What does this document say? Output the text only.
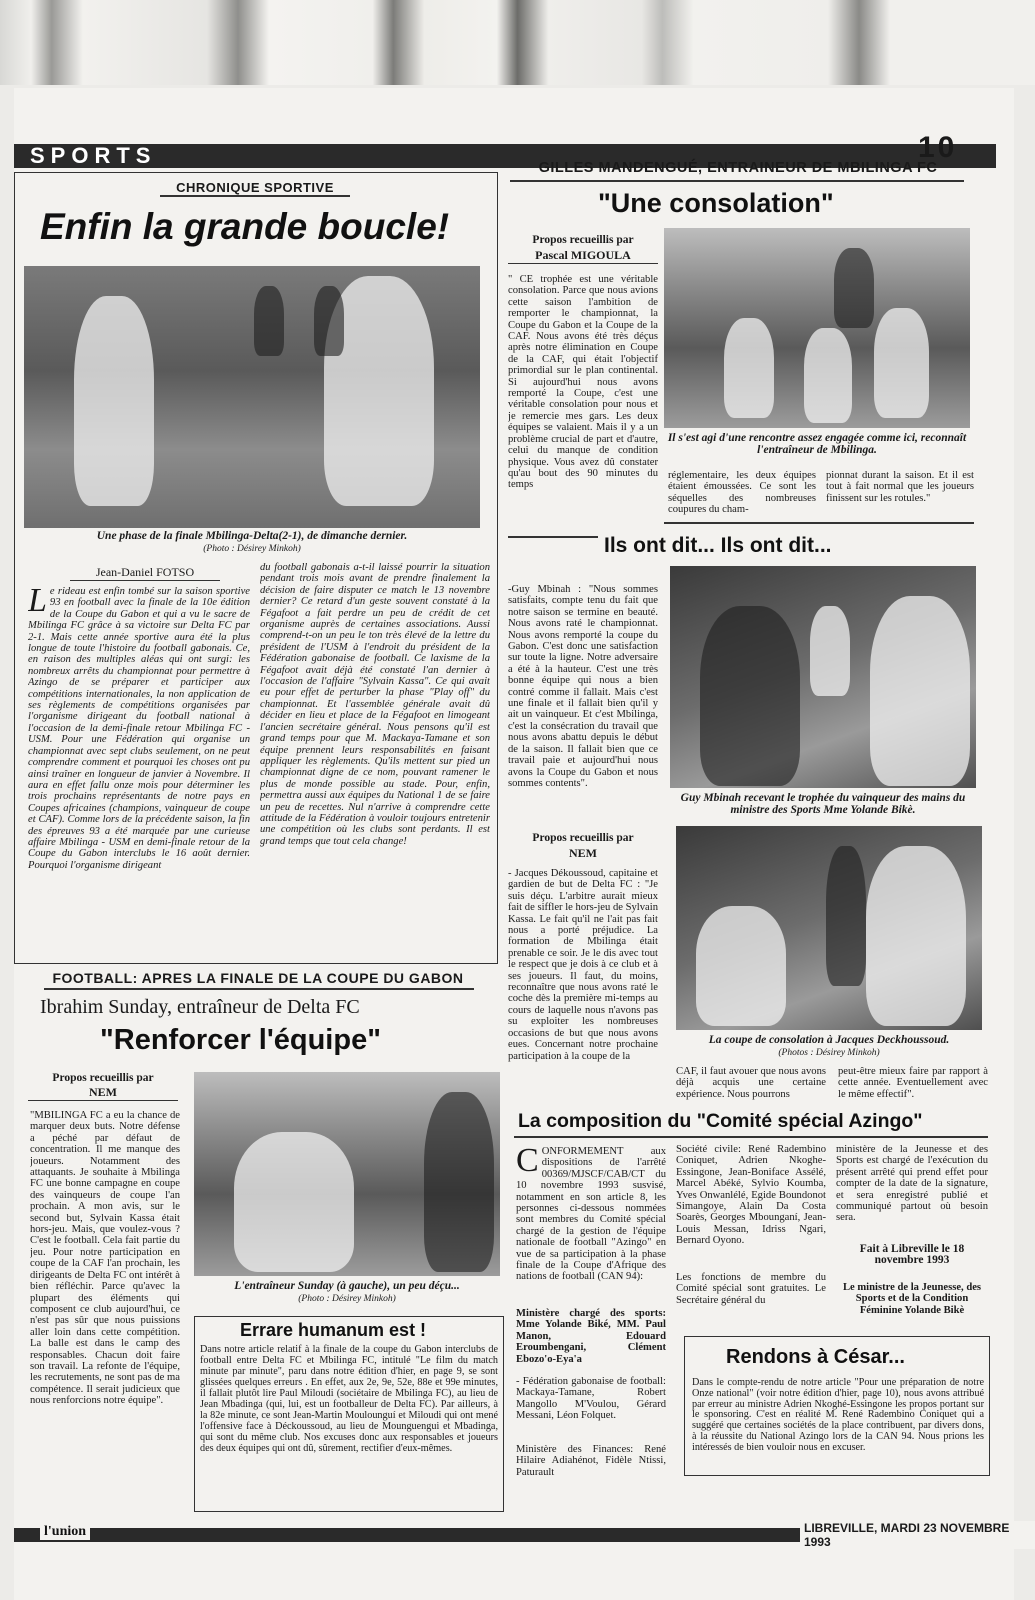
SPORTS	10
CHRONIQUE SPORTIVE
Enfin la grande boucle!
Une phase de la finale Mbilinga-Delta(2-1), de dimanche dernier.
(Photo : Désirey Minkoh)
Jean-Daniel FOTSO
Le rideau est enfin tombé sur la saison sportive 93 en football avec la finale de la 10e édition de la Coupe du Gabon et qui a vu le sacre de Mbilinga FC grâce à sa victoire sur Delta FC par 2-1. Mais cette année sportive aura été la plus longue de toute l'histoire du football gabonais. Ce, en raison des multiples aléas qui ont surgi: les nombreux arrêts du championnat pour permettre à Azingo de se préparer et participer aux compétitions internationales, la non application de ses règlements de compétitions organisées par l'organisme dirigeant du football national à l'occasion de la demi-finale retour Mbilinga FC - USM. Pour une Fédération qui organise un championnat avec sept clubs seulement, on ne peut comprendre comment et pourquoi les choses ont pu ainsi traîner en longueur de janvier à Novembre. Il aura en effet fallu onze mois pour déterminer les trois prochains représentants de notre pays en Coupes africaines (champions, vainqueur de coupe et CAF). Comme lors de la précédente saison, la fin des épreuves 93 a été marquée par une curieuse affaire Mbilinga - USM en demi-finale retour de la Coupe du Gabon interclubs le 16 août dernier. Pourquoi l'organisme dirigeant
du football gabonais a-t-il laissé pourrir la situation pendant trois mois avant de prendre finalement la décision de faire disputer ce match le 13 novembre dernier? Ce retard d'un geste souvent constaté à la Fégafoot a fait perdre un peu de crédit de cet organisme auprès de certaines associations. Aussi comprend-t-on un peu le ton très élevé de la lettre du président de l'USM à l'endroit du président de la Fédération gabonaise de football. Ce laxisme de la Fégafoot avait déjà été constaté l'an dernier à l'occasion de l'affaire "Sylvain Kassa". Ce qui avait eu pour effet de perturber la phase "Play off" du championnat. Et l'assemblée générale avait dû décider en lieu et place de la Fégafoot en limogeant l'ancien secrétaire général. Nous pensons qu'il est grand temps pour que M. Mackaya-Tamane et son équipe prennent leurs responsabilités en faisant appliquer les règlements. Qu'ils mettent sur pied un championnat digne de ce nom, pouvant ramener le plus de monde possible au stade. Pour, enfin, permettra aussi aux équipes du National 1 de se faire un peu de recettes. Nul n'arrive à comprendre cette attitude de la Fédération à vouloir toujours entretenir une compétition où les clubs sont perdants. Il est grand temps que tout cela change!
GILLES MANDENGUÉ, ENTRAINEUR DE MBILINGA FC
"Une consolation"
Propos recueillis par
Pascal MIGOULA
" CE trophée est une véritable consolation. Parce que nous avions cette saison l'ambition de remporter le championnat, la Coupe du Gabon et la Coupe de la CAF. Nous avons été très déçus après notre élimination en Coupe de la CAF, qui était l'objectif primordial sur le plan continental. Si aujourd'hui nous avons remporté la Coupe, c'est une véritable consolation pour nous et je remercie mes gars. Les deux équipes se valaient. Mais il y a un problème crucial de part et d'autre, celui du manque de condition physique. Vous avez dû constater qu'au bout des 90 minutes du temps
Il s'est agi d'une rencontre assez engagée comme ici, reconnaît l'entraîneur de Mbilinga.
réglementaire, les deux équipes étaient émoussées. Ce sont les séquelles des nombreuses coupures du cham-
pionnat durant la saison. Et il est tout à fait normal que les joueurs finissent sur les rotules."
Ils ont dit... Ils ont dit...
-Guy Mbinah : "Nous sommes satisfaits, compte tenu du fait que notre saison se termine en beauté. Nous avons raté le championnat. Nous avons remporté la coupe du Gabon. C'est donc une satisfaction sur toute la ligne. Notre adversaire a été à la hauteur. C'est une très bonne équipe qui nous a bien contré comme il fallait. Mais c'est une finale et il fallait bien qu'il y ait un vainqueur. Et c'est Mbilinga, c'est la consécration du travail que nous avons abattu depuis le début de la saison. Il fallait bien que ce travail paie et aujourd'hui nous avons la Coupe du Gabon et nous sommes contents".
Guy Mbinah recevant le trophée du vainqueur des mains du ministre des Sports Mme Yolande Bikè.
Propos recueillis par
NEM
- Jacques Dékoussoud, capitaine et gardien de but de Delta FC : "Je suis déçu. L'arbitre aurait mieux fait de siffler le hors-jeu de Sylvain Kassa. Le fait qu'il ne l'ait pas fait nous a porté préjudice. La formation de Mbilinga était prenable ce soir. Je le dis avec tout le respect que je dois à ce club et à ses joueurs. Il faut, du moins, reconnaître que nous avons raté le coche dès la première mi-temps au cours de laquelle nous n'avons pas su exploiter les nombreuses occasions de but que nous avons eues. Concernant notre prochaine participation à la coupe de la
La coupe de consolation à Jacques Deckhoussoud.
(Photos : Désirey Minkoh)
CAF, il faut avouer que nous avons déjà acquis une certaine expérience. Nous pourrons
peut-être mieux faire par rapport à cette année. Eventuellement avec le même effectif".
FOOTBALL: APRES LA FINALE DE LA COUPE DU GABON
Ibrahim Sunday, entraîneur de Delta FC
"Renforcer l'équipe"
Propos recueillis par
NEM
"MBILINGA FC a eu la chance de marquer deux buts. Notre défense a péché par défaut de concentration. Il me manque des joueurs. Notamment des attaquants. Je souhaite à Mbilinga FC une bonne campagne en coupe des vainqueurs de coupe l'an prochain. A mon avis, sur le second but, Sylvain Kassa était hors-jeu. Mais, que voulez-vous ? C'est le football. Cela fait partie du jeu. Pour notre participation en coupe de la CAF l'an prochain, les dirigeants de Delta FC ont intérêt à bien réfléchir. Parce qu'avec la plupart des éléments qui composent ce club aujourd'hui, ce n'est pas sûr que nous puissions aller loin dans cette compétition. La balle est dans le camp des responsables. Chacun doit faire son travail. La refonte de l'équipe, les recrutements, ne sont pas de ma compétence. Il serait judicieux que nous renforcions notre équipe".
L'entraîneur Sunday (à gauche), un peu déçu...
(Photo : Désirey Minkoh)
Errare humanum est !
Dans notre article relatif à la finale de la coupe du Gabon interclubs de football entre Delta FC et Mbilinga FC, intitulé "Le film du match minute par minute", paru dans notre édition d'hier, en page 9, se sont glissées quelques erreurs . En effet, aux 2e, 9e, 52e, 88e et 99e minutes, il fallait plutôt lire Paul Miloudi (sociétaire de Mbilinga FC), au lieu de Jean Mbadinga (qui, lui, est un footballeur de Delta FC). Par ailleurs, à la 82e minute, ce sont Jean-Martin Moulounguí et Miloudi qui ont mené l'offensive face à Déckoussoud, au lieu de Mounguengui et Mbadinga, qui sont du même club. Nos excuses donc aux responsables et joueurs des deux équipes qui ont dû, sûrement, rectifier d'eux-mêmes.
La composition du "Comité spécial Azingo"
CONFORMEMENT aux dispositions de l'arrêté 00369/MJSCF/CAB/CT du 10 novembre 1993 susvisé, notamment en son article 8, les personnes ci-dessous nommées sont membres du Comité spécial chargé de la gestion de l'équipe nationale de football "Azingo" en vue de sa participation à la phase finale de la Coupe d'Afrique des nations de football (CAN 94):
Ministère chargé des sports: Mme Yolande Biké, MM. Paul Manon, Edouard Eroumbengani, Clément Ebozo'o-Eya'a
- Fédération gabonaise de football: Mackaya-Tamane, Robert Mangollo M'Voulou, Gérard Messani, Léon Folquet.
Ministère des Finances: René Hilaire Adiahénot, Fidèle Ntissi, Paturault
Société civile: René Radembino Coniquet, Adrien Nkoghe-Essingone, Jean-Boniface Assélé, Marcel Abéké, Sylvio Koumba, Yves Onwanlélé, Egide Boundonot Simangoye, Alain Da Costa Soarès, Georges Mbounganí, Jean-Louis Messan, Idriss Ngari, Bernard Oyono.
Les fonctions de membre du Comité spécial sont gratuites. Le Secrétaire général du
ministère de la Jeunesse et des Sports est chargé de l'exécution du présent arrêté qui prend effet pour compter de la date de la signature, et sera enregistré publié et communiqué partout où besoin sera.
Fait à Libreville le 18 novembre 1993
Le ministre de la Jeunesse, des Sports et de la Condition Féminine Yolande Bikè
Rendons à César...
Dans le compte-rendu de notre article "Pour une préparation de notre Onze national" (voir notre édition d'hier, page 10), nous avons attribué par erreur au ministre Adrien Nkoghé-Essingone les propos portant sur le sponsoring. C'est en réalité M. René Radembino Coniquet qui a suggéré que certaines sociétés de la place contribuent, par divers dons, à la réussite du National Azingo lors de la CAN 94. Nous prions les intéressés de bien vouloir nous en excuser.
l'union	LIBREVILLE, MARDI 23 NOVEMBRE 1993
